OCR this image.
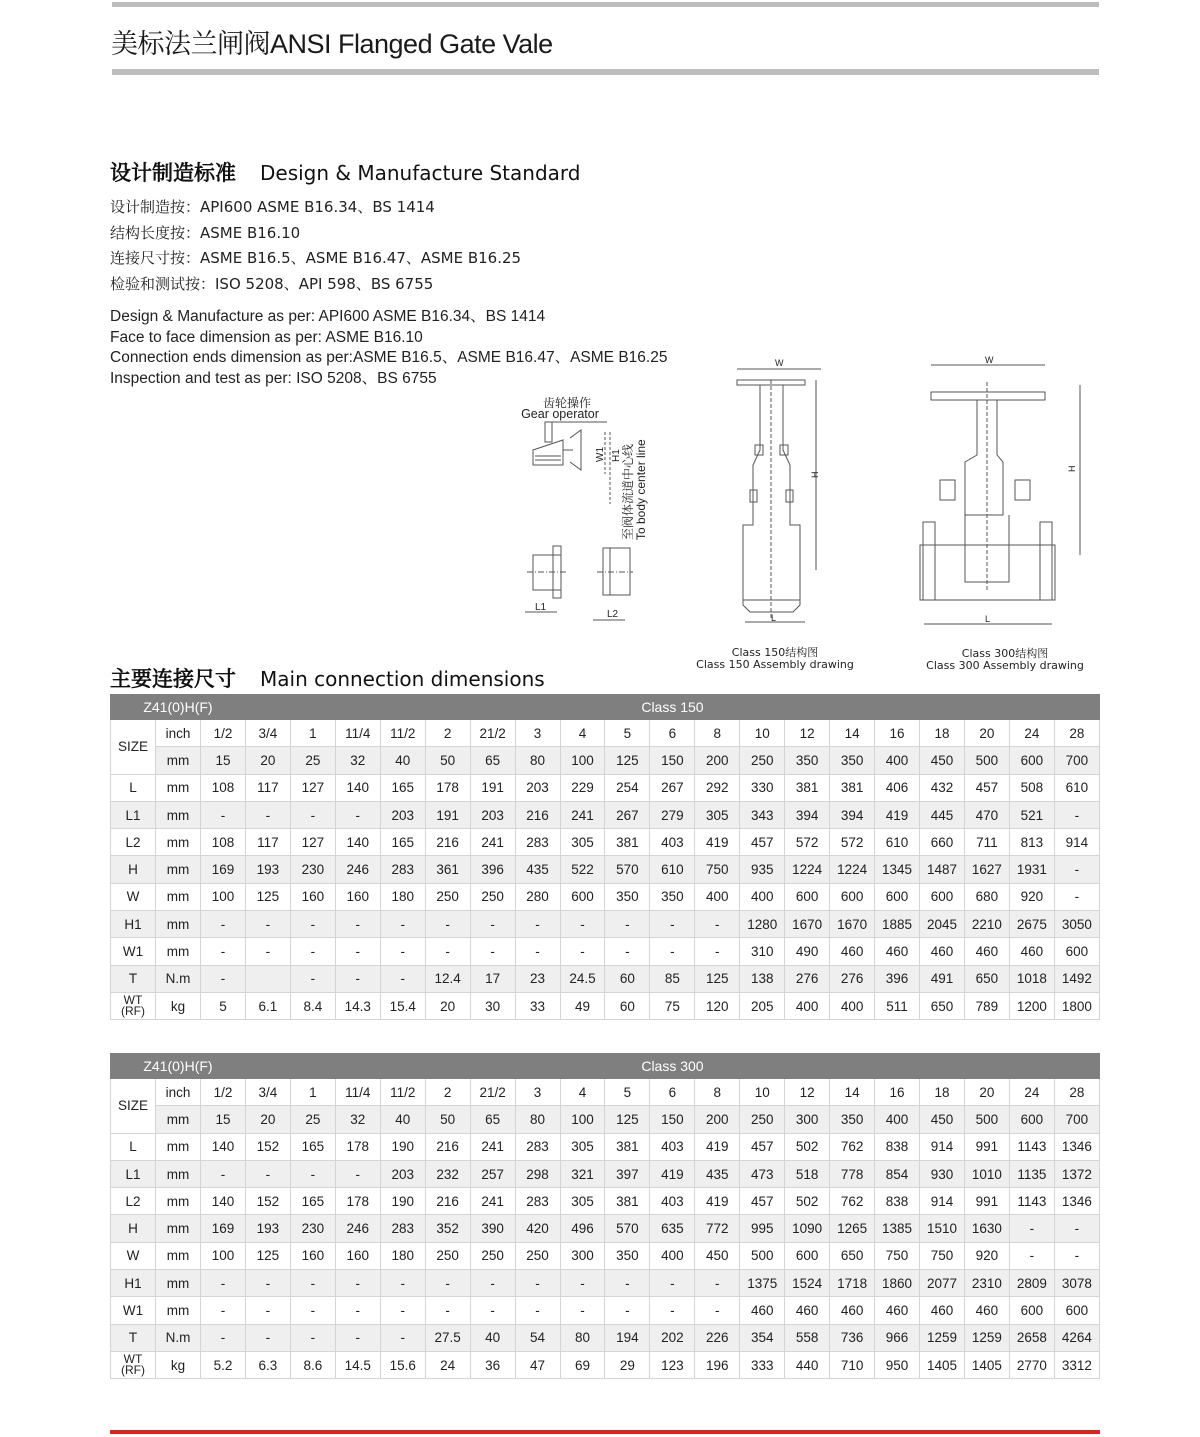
美标法兰闸阀ANSI Flanged Gate Vale
设计制造标准 Design & Manufacture Standard
设计制造按：API600 ASME B16.34、BS 1414
结构长度按：ASME B16.10
连接尺寸按：ASME B16.5、ASME B16.47、ASME B16.25
检验和测试按：ISO 5208、API 598、BS 6755
Design & Manufacture as per: API600 ASME B16.34、BS 1414
Face to face dimension as per: ASME B16.10
Connection ends dimension as per:ASME B16.5、ASME B16.47、ASME B16.25
Inspection and test as per: ISO 5208、BS 6755
齿轮操作
Gear operator
W1 H1 至阀体流道中心线 To body center line
L1
L2
W
H
L
W
H
L
Class 150结构图
Class 150 Assembly drawing
Class 300结构图
Class 300 Assembly drawing
主要连接尺寸 Main connection dimensions
Z41(0)H(F)			Class 150																		
SIZE	inch	1/2	3/4	1	11/4	11/2	2	21/2	3	4	5	6	8	10	12	14	16	18	20	24	28
	mm	15	20	25	32	40	50	65	80	100	125	150	200	250	350	350	400	450	500	600	700
L	mm	108	117	127	140	165	178	191	203	229	254	267	292	330	381	381	406	432	457	508	610
L1	mm	-	-	-	-	203	191	203	216	241	267	279	305	343	394	394	419	445	470	521	-
L2	mm	108	117	127	140	165	216	241	283	305	381	403	419	457	572	572	610	660	711	813	914
H	mm	169	193	230	246	283	361	396	435	522	570	610	750	935	1224	1224	1345	1487	1627	1931	-
W	mm	100	125	160	160	180	250	250	280	600	350	350	400	400	600	600	600	600	680	920	-
H1	mm	-	-	-	-	-	-	-	-	-	-	-	-	1280	1670	1670	1885	2045	2210	2675	3050
W1	mm	-	-	-	-	-	-	-	-	-	-	-	-	310	490	460	460	460	460	460	600
T	N.m	-		-	-	-	12.4	17	23	24.5	60	85	125	138	276	276	396	491	650	1018	1492
WT (RF)	kg	5	6.1	8.4	14.3	15.4	20	30	33	49	60	75	120	205	400	400	511	650	789	1200	1800
Z41(0)H(F)			Class 300																		
SIZE	inch	1/2	3/4	1	11/4	11/2	2	21/2	3	4	5	6	8	10	12	14	16	18	20	24	28
	mm	15	20	25	32	40	50	65	80	100	125	150	200	250	300	350	400	450	500	600	700
L	mm	140	152	165	178	190	216	241	283	305	381	403	419	457	502	762	838	914	991	1143	1346
L1	mm	-	-	-	-	203	232	257	298	321	397	419	435	473	518	778	854	930	1010	1135	1372
L2	mm	140	152	165	178	190	216	241	283	305	381	403	419	457	502	762	838	914	991	1143	1346
H	mm	169	193	230	246	283	352	390	420	496	570	635	772	995	1090	1265	1385	1510	1630	-	-
W	mm	100	125	160	160	180	250	250	250	300	350	400	450	500	600	650	750	750	920	-	-
H1	mm	-	-	-	-	-	-	-	-	-	-	-	-	1375	1524	1718	1860	2077	2310	2809	3078
W1	mm	-	-	-	-	-	-	-	-	-	-	-	-	460	460	460	460	460	460	600	600
T	N.m	-	-	-	-	-	27.5	40	54	80	194	202	226	354	558	736	966	1259	1259	2658	4264
WT (RF)	kg	5.2	6.3	8.6	14.5	15.6	24	36	47	69	29	123	196	333	440	710	950	1405	1405	2770	3312
